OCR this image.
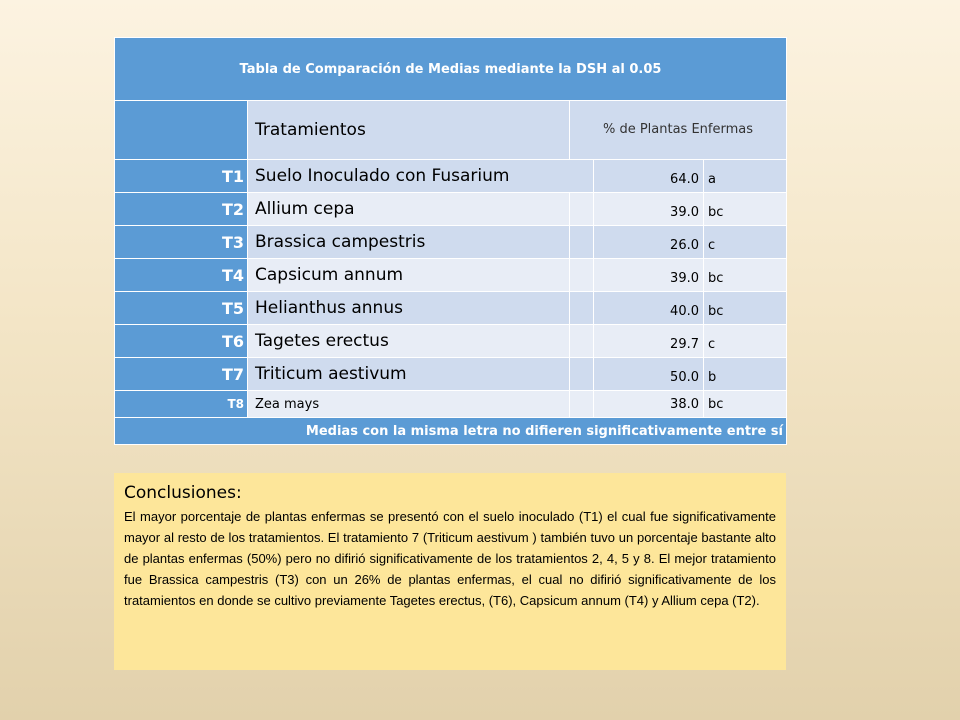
Tabla de Comparación de Medias mediante la DSH al 0.05				
	Tratamientos	% de Plantas Enfermas		
T1	Suelo Inoculado con Fusarium		64.0	a
T2	Allium cepa		39.0	bc
T3	Brassica campestris		26.0	c
T4	Capsicum annum		39.0	bc
T5	Helianthus annus		40.0	bc
T6	Tagetes erectus		29.7	c
T7	Triticum aestivum		50.0	b
T8	Zea mays		38.0	bc
Medias con la misma letra no difieren significativamente entre sí				
Conclusiones:

El mayor porcentaje de plantas enfermas se presentó con el suelo inoculado (T1) el cual fue significativamente mayor al resto de los tratamientos. El tratamiento 7 (Triticum aestivum ) también tuvo un porcentaje bastante alto de plantas enfermas (50%) pero no difirió significativamente de los tratamientos 2, 4, 5 y 8. El mejor tratamiento fue Brassica campestris (T3) con un 26% de plantas enfermas, el cual no difirió significativamente de los tratamientos en donde se cultivo previamente Tagetes erectus, (T6), Capsicum annum (T4) y Allium cepa (T2).
